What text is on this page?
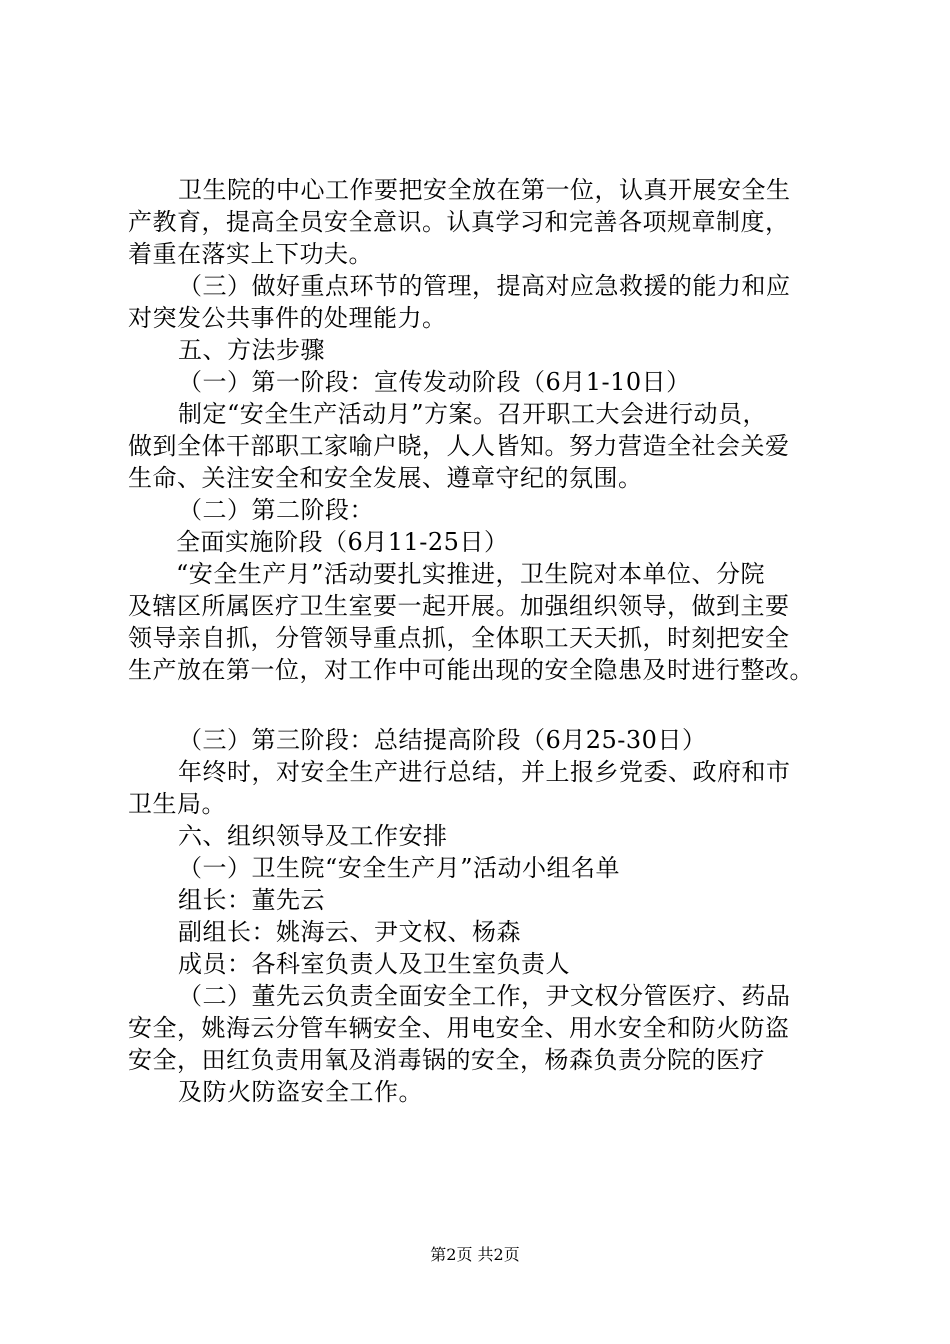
卫生院的中心工作要把安全放在第一位，认真开展安全生
产教育，提高全员安全意识。认真学习和完善各项规章制度，
着重在落实上下功夫。
（三）做好重点环节的管理，提高对应急救援的能力和应
对突发公共事件的处理能力。
五、方法步骤
（一）第一阶段：宣传发动阶段（6月1-10日）
制定“安全生产活动月”方案。召开职工大会进行动员，
做到全体干部职工家喻户晓，人人皆知。努力营造全社会关爱
生命、关注安全和安全发展、遵章守纪的氛围。
（二）第二阶段：
全面实施阶段（6月11-25日）
“安全生产月”活动要扎实推进，卫生院对本单位、分院
及辖区所属医疗卫生室要一起开展。加强组织领导，做到主要
领导亲自抓，分管领导重点抓，全体职工天天抓，时刻把安全
生产放在第一位，对工作中可能出现的安全隐患及时进行整改。
（三）第三阶段：总结提高阶段（6月25-30日）
年终时，对安全生产进行总结，并上报乡党委、政府和市
卫生局。
六、组织领导及工作安排
（一）卫生院“安全生产月”活动小组名单
组长：董先云
副组长：姚海云、尹文权、杨森
成员：各科室负责人及卫生室负责人
（二）董先云负责全面安全工作，尹文权分管医疗、药品
安全，姚海云分管车辆安全、用电安全、用水安全和防火防盗
安全，田红负责用氧及消毒锅的安全，杨森负责分院的医疗
及防火防盗安全工作。
第2页 共2页
